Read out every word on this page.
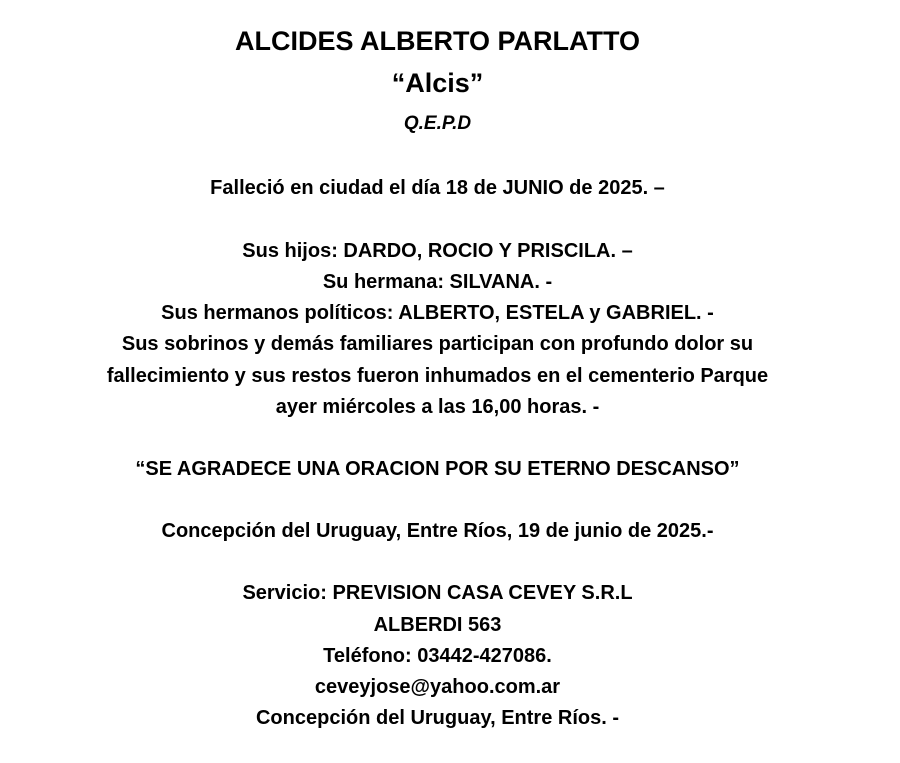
ALCIDES ALBERTO PARLATTO
“Alcis”
Q.E.P.D
Falleció en ciudad el día 18 de JUNIO de 2025. –
Sus hijos: DARDO, ROCIO Y PRISCILA. –
Su hermana: SILVANA. -
Sus hermanos políticos: ALBERTO, ESTELA y GABRIEL. -
Sus sobrinos y demás familiares participan con profundo dolor su
fallecimiento y sus restos fueron inhumados en el cementerio Parque
ayer miércoles a las 16,00 horas. -
“SE AGRADECE UNA ORACION POR SU ETERNO DESCANSO”
Concepción del Uruguay, Entre Ríos, 19 de junio de 2025.-
Servicio: PREVISION CASA CEVEY S.R.L
ALBERDI 563
Teléfono: 03442-427086.
ceveyjose@yahoo.com.ar
Concepción del Uruguay, Entre Ríos. -
